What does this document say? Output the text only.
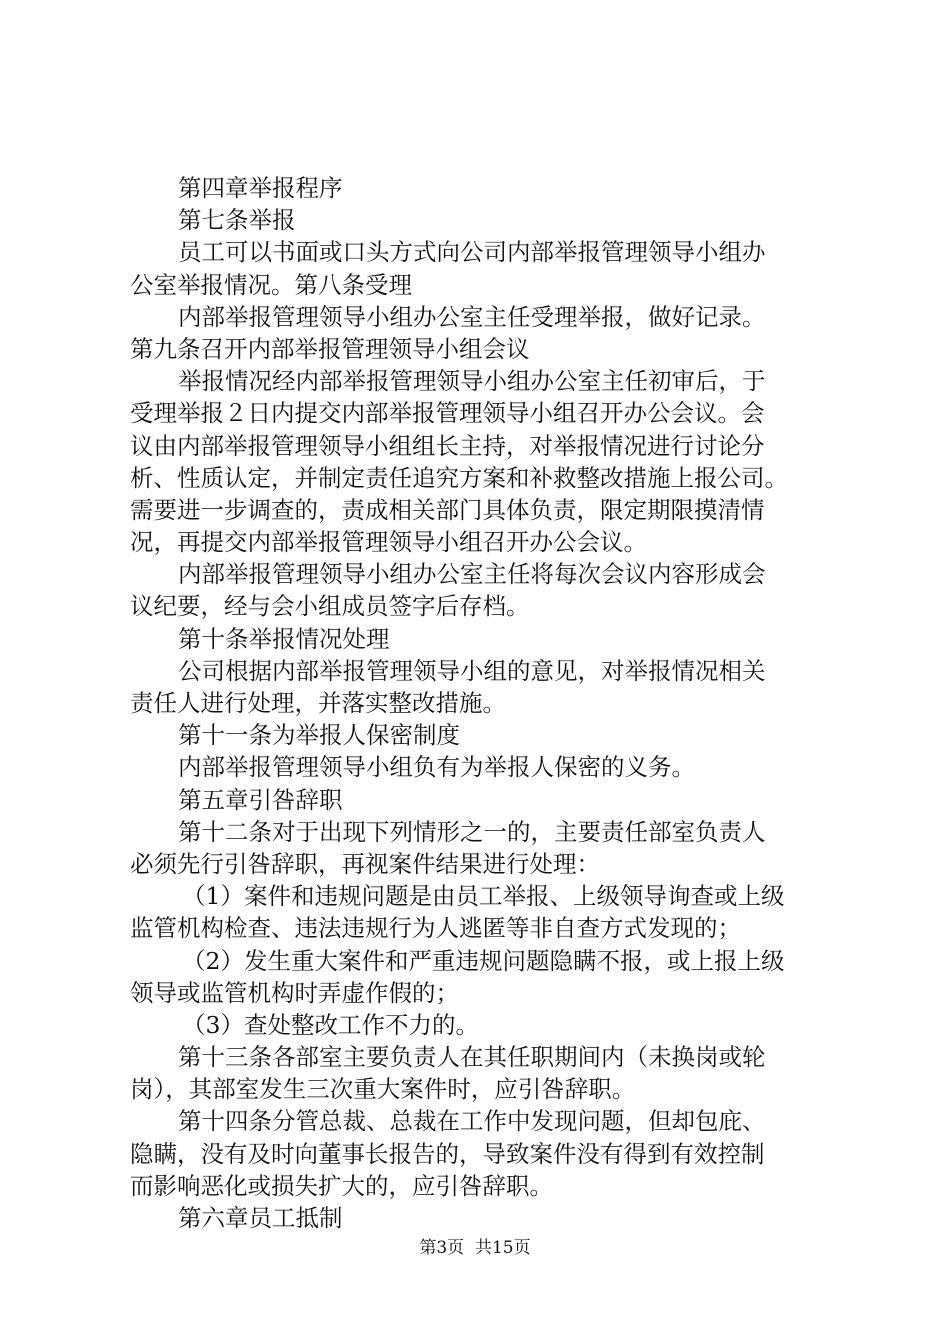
第四章举报程序
第七条举报
员工可以书面或口头方式向公司内部举报管理领导小组办
公室举报情况。第八条受理
内部举报管理领导小组办公室主任受理举报，做好记录。
第九条召开内部举报管理领导小组会议
举报情况经内部举报管理领导小组办公室主任初审后，于
受理举报２日内提交内部举报管理领导小组召开办公会议。会
议由内部举报管理领导小组组长主持，对举报情况进行讨论分
析、性质认定，并制定责任追究方案和补救整改措施上报公司。
需要进一步调查的，责成相关部门具体负责，限定期限摸清情
况，再提交内部举报管理领导小组召开办公会议。
内部举报管理领导小组办公室主任将每次会议内容形成会
议纪要，经与会小组成员签字后存档。
第十条举报情况处理
公司根据内部举报管理领导小组的意见，对举报情况相关
责任人进行处理，并落实整改措施。
第十一条为举报人保密制度
内部举报管理领导小组负有为举报人保密的义务。
第五章引咎辞职
第十二条对于出现下列情形之一的，主要责任部室负责人
必须先行引咎辞职，再视案件结果进行处理：
（1）案件和违规问题是由员工举报、上级领导询查或上级
监管机构检查、违法违规行为人逃匿等非自查方式发现的；
（2）发生重大案件和严重违规问题隐瞒不报，或上报上级
领导或监管机构时弄虚作假的；
（3）查处整改工作不力的。
第十三条各部室主要负责人在其任职期间内（未换岗或轮
岗），其部室发生三次重大案件时，应引咎辞职。
第十四条分管总裁、总裁在工作中发现问题，但却包庇、
隐瞒，没有及时向董事长报告的，导致案件没有得到有效控制
而影响恶化或损失扩大的，应引咎辞职。
第六章员工抵制
第3页  共15页
